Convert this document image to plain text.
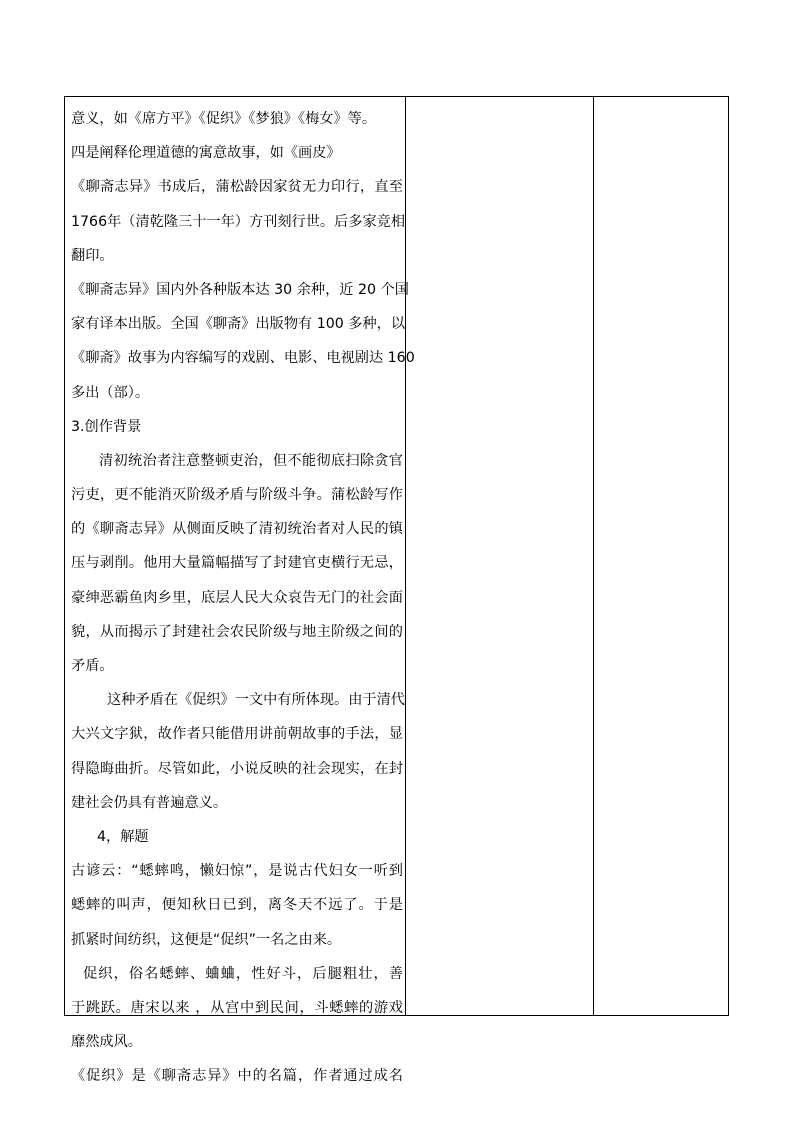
意义，如《席方平》《促织》《梦狼》《梅女》等。
四是阐释伦理道德的寓意故事，如《画皮》
《聊斋志异》书成后，蒲松龄因家贫无力印行，直至
1766年（清乾隆三十一年）方刊刻行世。后多家竞相
翻印。
《聊斋志异》国内外各种版本达 30 余种，近 20 个国
家有译本出版。全国《聊斋》出版物有 100 多种，以
《聊斋》故事为内容编写的戏剧、电影、电视剧达 160
多出（部）。
3.创作背景
清初统治者注意整顿吏治，但不能彻底扫除贪官
污吏，更不能消灭阶级矛盾与阶级斗争。蒲松龄写作
的《聊斋志异》从侧面反映了清初统治者对人民的镇
压与剥削。他用大量篇幅描写了封建官吏横行无忌，
豪绅恶霸鱼肉乡里，底层人民大众哀告无门的社会面
貌，从而揭示了封建社会农民阶级与地主阶级之间的
矛盾。
这种矛盾在《促织》一文中有所体现。由于清代
大兴文字狱，故作者只能借用讲前朝故事的手法，显
得隐晦曲折。尽管如此，小说反映的社会现实，在封
建社会仍具有普遍意义。
4，解题
古谚云：“蟋蟀鸣，懒妇惊”，是说古代妇女一听到
蟋蟀的叫声，便知秋日已到，离冬天不远了。于是
抓紧时间纺织，这便是“促织”一名之由来。
促织，俗名蟋蟀、蛐蛐，性好斗，后腿粗壮，善
于跳跃。唐宋以来 ，从宫中到民间，斗蟋蟀的游戏
靡然成风。
《促织》是《聊斋志异》中的名篇，作者通过成名
